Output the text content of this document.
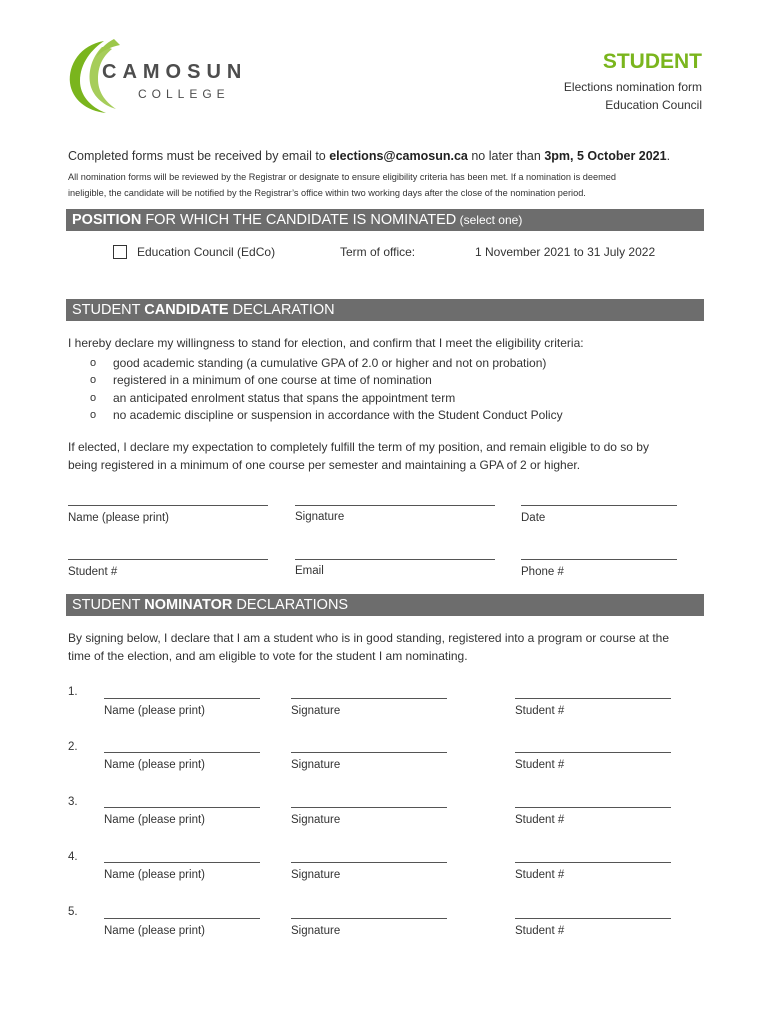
CAMOSUN
COLLEGE
STUDENT
Elections nomination form
Education Council
Completed forms must be received by email to elections@camosun.ca no later than 3pm, 5 October 2021.
All nomination forms will be reviewed by the Registrar or designate to ensure eligibility criteria has been met. If a nomination is deemed
ineligible, the candidate will be notified by the Registrar’s office within two working days after the close of the nomination period.
POSITION FOR WHICH THE CANDIDATE IS NOMINATED (select one)
Education Council (EdCo)	Term of office:	1 November 2021 to 31 July 2022
STUDENT CANDIDATE DECLARATION
I hereby declare my willingness to stand for election, and confirm that I meet the eligibility criteria:
o good academic standing (a cumulative GPA of 2.0 or higher and not on probation)
o registered in a minimum of one course at time of nomination
o an anticipated enrolment status that spans the appointment term
o no academic discipline or suspension in accordance with the Student Conduct Policy
If elected, I declare my expectation to completely fulfill the term of my position, and remain eligible to do so by
being registered in a minimum of one course per semester and maintaining a GPA of 2 or higher.
Name (please print)	Signature	Date
Student #	Email	Phone #
STUDENT NOMINATOR DECLARATIONS
By signing below, I declare that I am a student who is in good standing, registered into a program or course at the
time of the election, and am eligible to vote for the student I am nominating.
1.
Name (please print)	Signature	Student #
2.
Name (please print)	Signature	Student #
3.
Name (please print)	Signature	Student #
4.
Name (please print)	Signature	Student #
5.
Name (please print)	Signature	Student #
